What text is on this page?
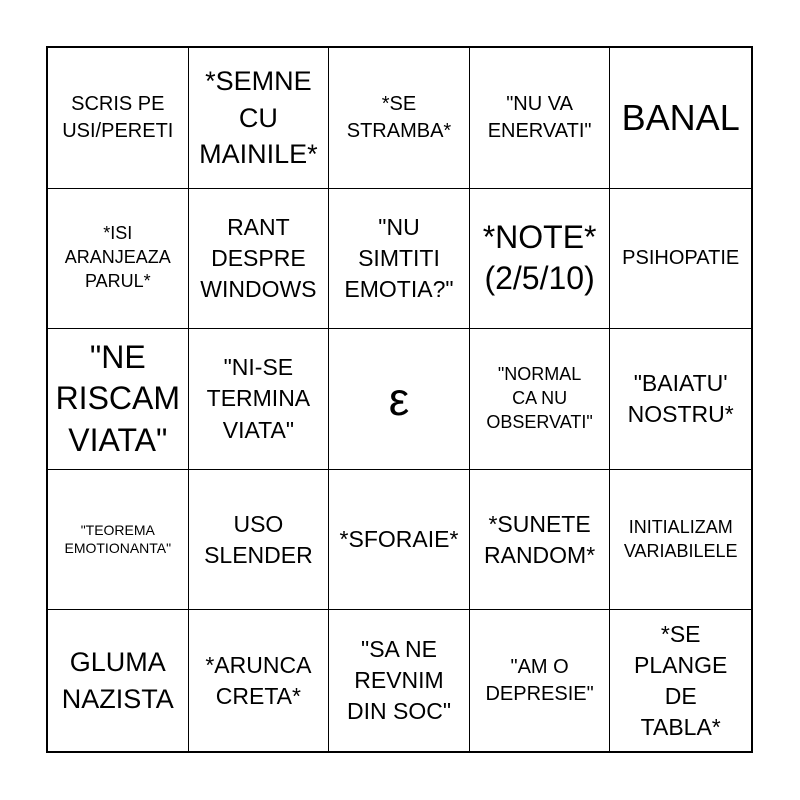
SCRIS PE
USI/PERETI
*SEMNE
CU
MAINILE*
*SE
STRAMBA*
"NU VA
ENERVATI" BANAL
*ISI
ARANJEAZA
PARUL*
RANT
DESPRE
WINDOWS
"NU
SIMTITI
EMOTIA?"
*NOTE*
(2/5/10)
PSIHOPATIE
"NE
RISCAM
VIATA"
"NI-SE
TERMINA
VIATA"
ε	"NORMAL
CA NU
OBSERVATI"
"BAIATU'
NOSTRU*
"TEOREMA
EMOTIONANTA"
USO
SLENDER
*SFORAIE*
*SUNETE
RANDOM*
INITIALIZAM
VARIABILELE
GLUMA
NAZISTA
*ARUNCA
CRETA*
"SA NE
REVNIM
DIN SOC"
"AM O
DEPRESIE"
*SE
PLANGE
DE
TABLA*
